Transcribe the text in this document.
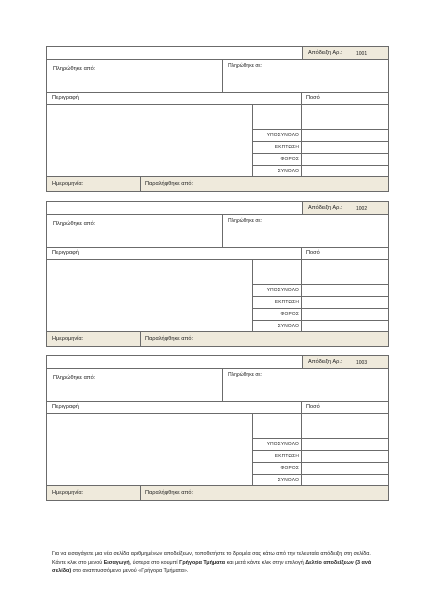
Απόδειξη Αρ.:	1001
Πληρώθηκε από:	Πληρώθηκε σε:
Περιγραφή	Ποσό
ΥΠΟΣΥΝΟΛΟ
ΕΚΠΤΩΣΗ
ΦΟΡΟΣ
ΣΥΝΟΛΟ
Ημερομηνία:	Παραλήφθηκε από:
Απόδειξη Αρ.:	1002
Πληρώθηκε από:	Πληρώθηκε σε:
Περιγραφή	Ποσό
ΥΠΟΣΥΝΟΛΟ
ΕΚΠΤΩΣΗ
ΦΟΡΟΣ
ΣΥΝΟΛΟ
Ημερομηνία:	Παραλήφθηκε από:
Απόδειξη Αρ.:	1003
Πληρώθηκε από:	Πληρώθηκε σε:
Περιγραφή	Ποσό
ΥΠΟΣΥΝΟΛΟ
ΕΚΠΤΩΣΗ
ΦΟΡΟΣ
ΣΥΝΟΛΟ
Ημερομηνία:	Παραλήφθηκε από:
Για να εισαγάγετε μια νέα σελίδα αριθμημένων αποδείξεων, τοποθετήστε το δρομέα σας κάτω από την τελευταία απόδειξη στη σελίδα. Κάντε κλικ στο μενού Εισαγωγή, ύστερα στο κουμπί Γρήγορα Τμήματα και μετά κάντε κλικ στην επιλογή Δελτίο αποδείξεων (3 ανά σελίδα) στο αναπτυσσόμενο μενού «Γρήγορα Τμήματα».
